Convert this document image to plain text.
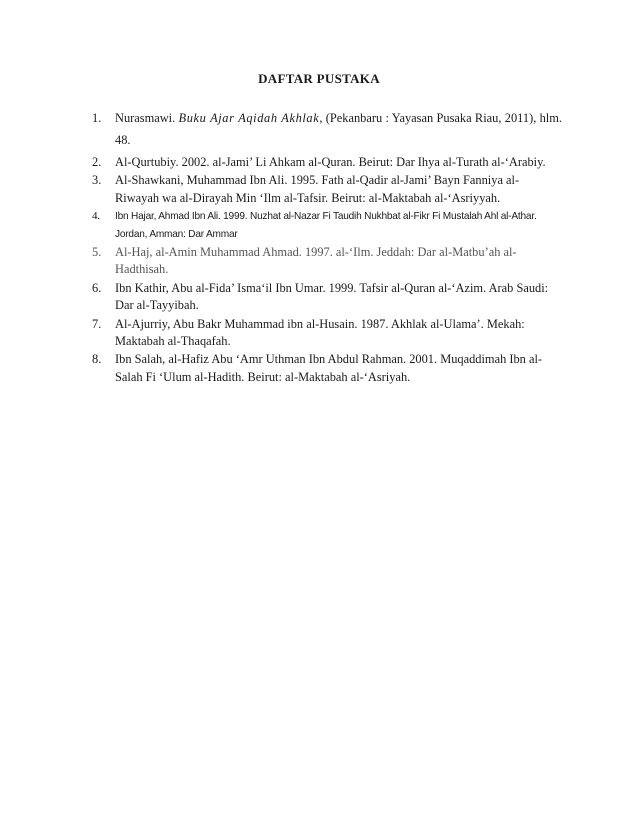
DAFTAR PUSTAKA
1. Nurasmawi. Buku Ajar Aqidah Akhlak, (Pekanbaru : Yayasan Pusaka Riau, 2011), hlm. 48.
2. Al-Qurtubiy. 2002. al-Jami’ Li Ahkam al-Quran. Beirut: Dar Ihya al-Turath al-‘Arabiy.
3. Al-Shawkani, Muhammad Ibn Ali. 1995. Fath al-Qadir al-Jami’ Bayn Fanniya al-Riwayah wa al-Dirayah Min ‘Ilm al-Tafsir. Beirut: al-Maktabah al-‘Asriyyah.
4. Ibn Hajar, Ahmad Ibn Ali. 1999. Nuzhat al-Nazar Fi Taudih Nukhbat al-Fikr Fi Mustalah Ahl al-Athar. Jordan, Amman: Dar Ammar
5. Al-Haj, al-Amin Muhammad Ahmad. 1997. al-‘Ilm. Jeddah: Dar al-Matbu’ah al-Hadthisah.
6. Ibn Kathir, Abu al-Fida’ Isma‘il Ibn Umar. 1999. Tafsir al-Quran al-‘Azim. Arab Saudi: Dar al-Tayyibah.
7. Al-Ajurriy, Abu Bakr Muhammad ibn al-Husain. 1987. Akhlak al-Ulama’. Mekah: Maktabah al-Thaqafah.
8. Ibn Salah, al-Hafiz Abu ‘Amr Uthman Ibn Abdul Rahman. 2001. Muqaddimah Ibn al-Salah Fi ‘Ulum al-Hadith. Beirut: al-Maktabah al-‘Asriyah.
